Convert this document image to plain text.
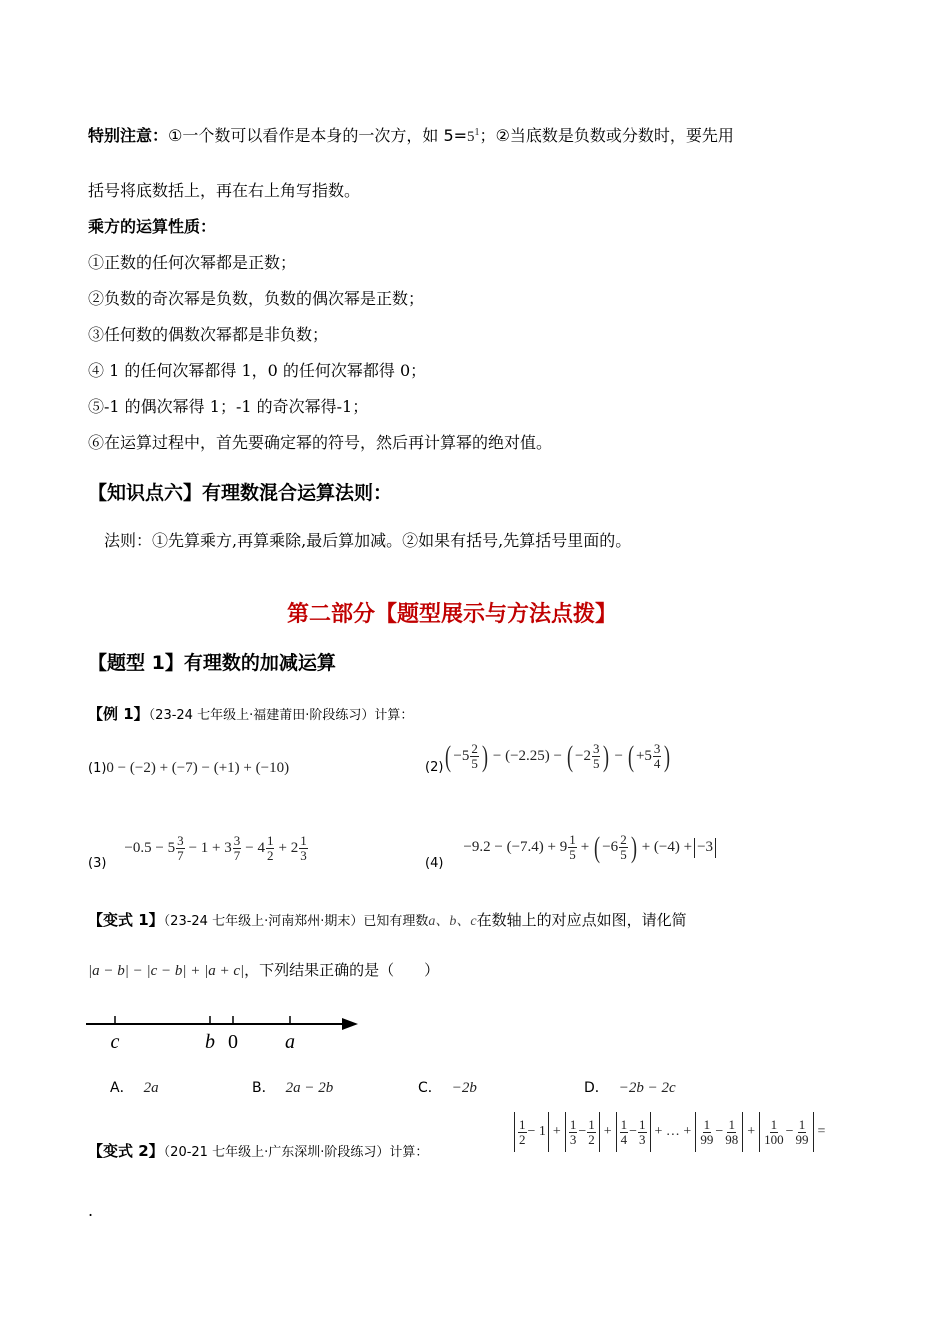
特别注意：①一个数可以看作是本身的一次方，如 $5=5^1$；②当底数是负数或分数时，要先用
括号将底数括上，再在右上角写指数。
乘方的运算性质：
①正数的任何次幂都是正数；
②负数的奇次幂是负数，负数的偶次幂是正数；
③任何数的偶数次幂都是非负数；
④ 1 的任何次幂都得 1，0 的任何次幂都得 0；
⑤-1 的偶次幂得 1；-1 的奇次幂得-1；
⑥在运算过程中，首先要确定幂的符号，然后再计算幂的绝对值。
【知识点六】有理数混合运算法则：
法则：①先算乘方,再算乘除,最后算加减。②如果有括号,先算括号里面的。
第二部分【题型展示与方法点拨】
【题型 1】有理数的加减运算
【例 1】（23-24 七年级上·福建莆田·阶段练习）计算：
(1)0 − (−2) + (−7) − (+1) + (−10)	(2) ( $-5 \frac{2}{5}$ ) − (−2.25) − ( $-2 \frac{3}{5}$ ) − ( $+5 \frac{3}{4}$ )
(3)
$-0.5 - 5 \frac{3}{7} - 1 + 3 \frac{3}{7} - 4 \frac{1}{2} + 2 \frac{1}{3}$
(4)
$-9.2 - (-7.4) + 9 \frac{1}{5}$ + ( $-6 \frac{2}{5}$ ) + (−4) + −3
【变式 1】（23-24 七年级上·河南郑州·期末）已知有理数a、b、c在数轴上的对应点如图，请化简
|a − b| − |c − b| + |a + c|，下列结果正确的是（　　）
c	b 0 a
A． 2a	B． 2a − 2b	C． −2b	D． −2b − 2c
【变式 2】（20-21 七年级上·广东深圳·阶段练习）计算：
$\frac{1}{2} - 1 + \frac{1}{3} - \frac{1}{2} + \frac{1}{4} - \frac{1}{3}$ + … + $\frac{1}{99} - \frac{1}{98} + \frac{1}{100} - \frac{1}{99}$ =
.
